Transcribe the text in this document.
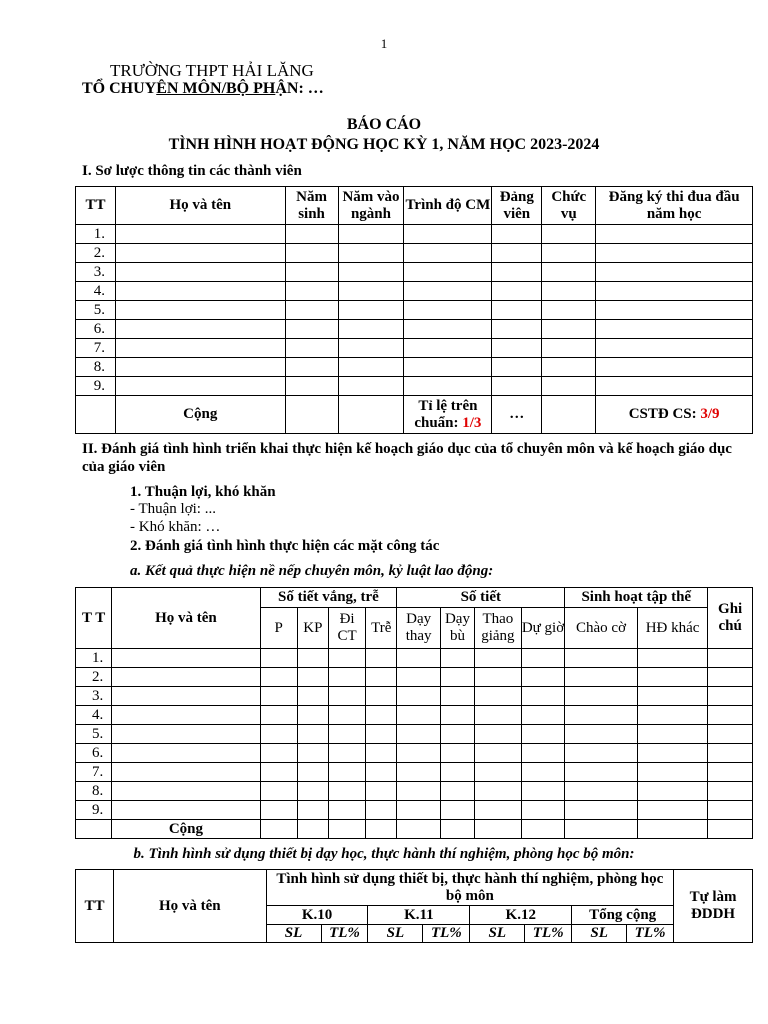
1
TRƯỜNG THPT HẢI LĂNG
TỔ CHUYÊN MÔN/BỘ PHẬN: …
BÁO CÁO
TÌNH HÌNH HOẠT ĐỘNG HỌC KỲ 1, NĂM HỌC 2023-2024
I. Sơ lược thông tin các thành viên
TT	Họ và tên	Năm sinh	Năm vào ngành	Trình độ CM	Đảng viên	Chức vụ	Đăng ký thi đua đầu năm học
1.							
2.							
3.							
4.							
5.							
6.							
7.							
8.							
9.							
	Cộng			Tỉ lệ trên chuẩn: 1/3	…		CSTĐ CS: 3/9
II. Đánh giá tình hình triển khai thực hiện kế hoạch giáo dục của tổ chuyên môn và kế hoạch giáo dục của giáo viên
1. Thuận lợi, khó khăn
- Thuận lợi: ...
- Khó khăn: …
2. Đánh giá tình hình thực hiện các mặt công tác
a. Kết quả thực hiện nề nếp chuyên môn, kỷ luật lao động:
T T	Họ và tên	Số tiết vắng, trễ				Số tiết				Sinh hoạt tập thể		Ghi chú
		P	KP	Đi CT	Trễ	Dạy thay	Dạy bù	Thao giảng	Dự giờ	Chào cờ	HĐ khác	
1.												
2.												
3.												
4.												
5.												
6.												
7.												
8.												
9.												
	Cộng											
b. Tình hình sử dụng thiết bị dạy học, thực hành thí nghiệm, phòng học bộ môn:
TT	Họ và tên	Tình hình sử dụng thiết bị, thực hành thí nghiệm, phòng học bộ môn								Tự làm ĐDDH
		K.10		K.11		K.12		Tổng cộng		
		SL	TL%	SL	TL%	SL	TL%	SL	TL%	
